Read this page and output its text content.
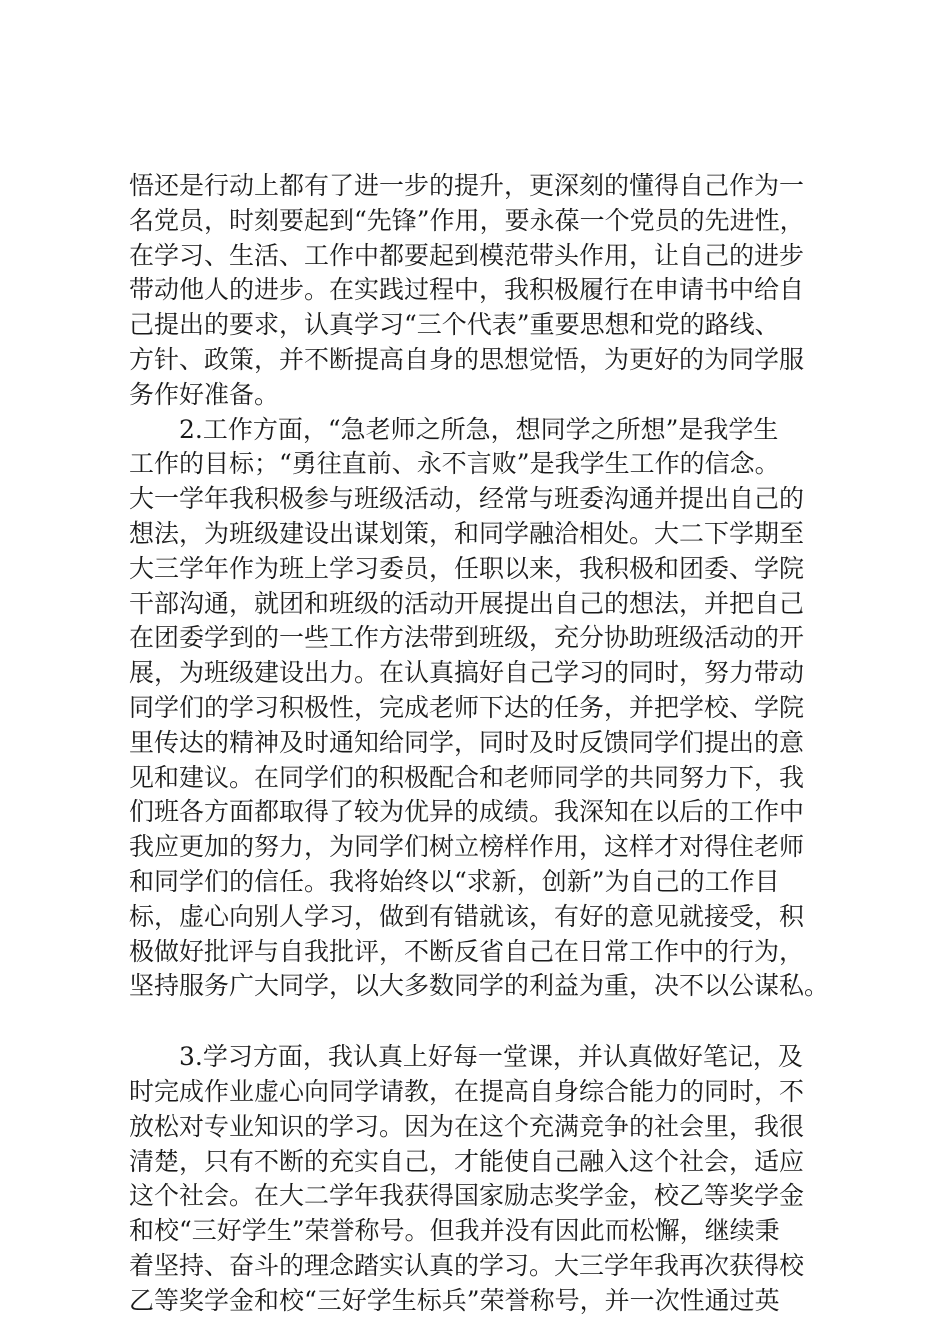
悟还是行动上都有了进一步的提升，更深刻的懂得自己作为一
名党员，时刻要起到“先锋”作用，要永葆一个党员的先进性，
在学习、生活、工作中都要起到模范带头作用，让自己的进步
带动他人的进步。在实践过程中，我积极履行在申请书中给自
己提出的要求，认真学习“三个代表”重要思想和党的路线、
方针、政策，并不断提高自身的思想觉悟，为更好的为同学服
务作好准备。
2.工作方面，“急老师之所急，想同学之所想”是我学生
工作的目标；“勇往直前、永不言败”是我学生工作的信念。
大一学年我积极参与班级活动，经常与班委沟通并提出自己的
想法，为班级建设出谋划策，和同学融洽相处。大二下学期至
大三学年作为班上学习委员，任职以来，我积极和团委、学院
干部沟通，就团和班级的活动开展提出自己的想法，并把自己
在团委学到的一些工作方法带到班级，充分协助班级活动的开
展，为班级建设出力。在认真搞好自己学习的同时，努力带动
同学们的学习积极性，完成老师下达的任务，并把学校、学院
里传达的精神及时通知给同学，同时及时反馈同学们提出的意
见和建议。在同学们的积极配合和老师同学的共同努力下，我
们班各方面都取得了较为优异的成绩。我深知在以后的工作中
我应更加的努力，为同学们树立榜样作用，这样才对得住老师
和同学们的信任。我将始终以“求新，创新”为自己的工作目
标，虚心向别人学习，做到有错就该，有好的意见就接受，积
极做好批评与自我批评，不断反省自己在日常工作中的行为，
坚持服务广大同学，以大多数同学的利益为重，决不以公谋私。
3.学习方面，我认真上好每一堂课，并认真做好笔记，及
时完成作业虚心向同学请教，在提高自身综合能力的同时，不
放松对专业知识的学习。因为在这个充满竞争的社会里，我很
清楚，只有不断的充实自己，才能使自己融入这个社会，适应
这个社会。在大二学年我获得国家励志奖学金，校乙等奖学金
和校“三好学生”荣誉称号。但我并没有因此而松懈，继续秉
着坚持、奋斗的理念踏实认真的学习。大三学年我再次获得校
乙等奖学金和校“三好学生标兵”荣誉称号，并一次性通过英
